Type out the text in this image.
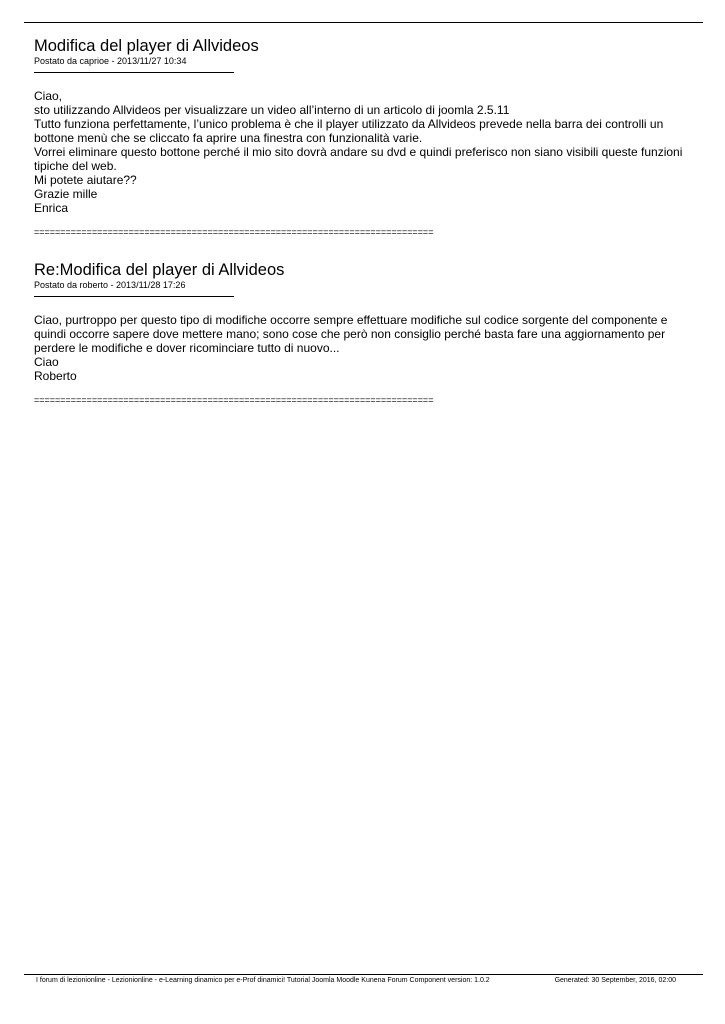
Modifica del player di Allvideos
Postato da caprioe - 2013/11/27 10:34

Ciao,

sto utilizzando Allvideos per visualizzare un video all’interno di un articolo di joomla 2.5.11

Tutto funziona perfettamente, l’unico problema è che il player utilizzato da Allvideos prevede nella barra dei controlli un bottone menù che se cliccato fa aprire una finestra con funzionalità varie.

Vorrei eliminare questo bottone perché il mio sito dovrà andare su dvd e quindi preferisco non siano visibili queste funzioni tipiche del web.

Mi potete aiutare??

Grazie mille

Enrica

============================================================================
Re:Modifica del player di Allvideos
Postato da roberto - 2013/11/28 17:26

Ciao, purtroppo per questo tipo di modifiche occorre sempre effettuare modifiche sul codice sorgente del componente e quindi occorre sapere dove mettere mano; sono cose che però non consiglio perché basta fare una aggiornamento per perdere le modifiche e dover ricominciare tutto di nuovo...

Ciao

Roberto

============================================================================
I forum di lezionionline - Lezionionline - e-Learning dinamico per e-Prof dinamici! Tutorial Joomla Moodle Kunena Forum Component version: 1.0.2	Generated: 30 September, 2016, 02:00
